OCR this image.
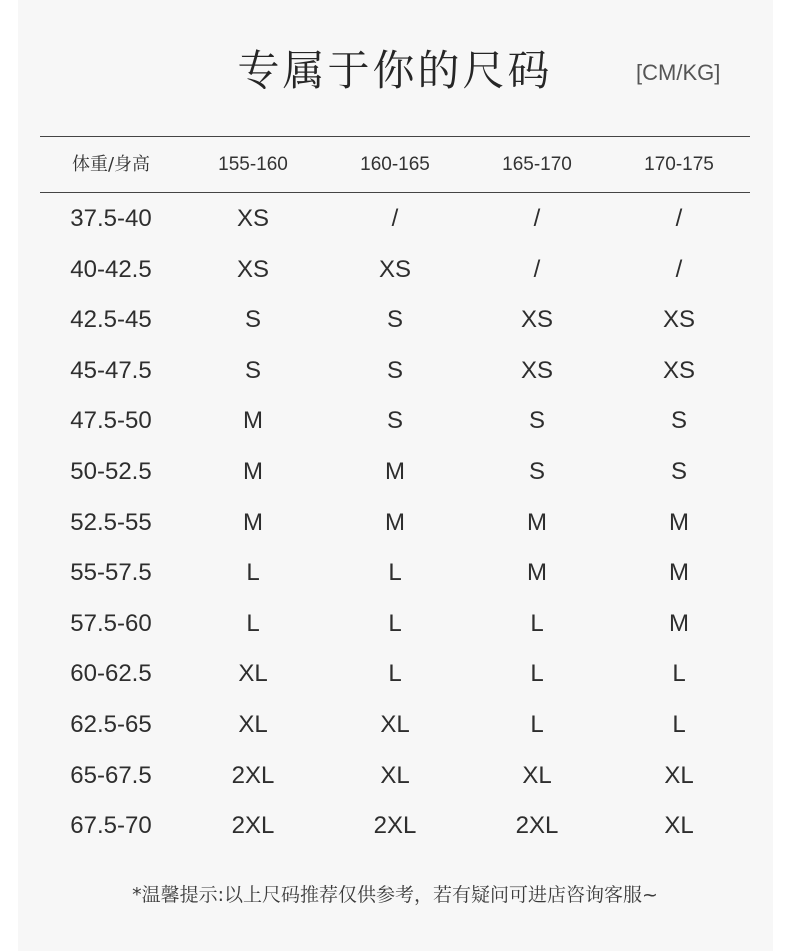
专属于你的尺码	[CM/KG]
体重/身高	155-160	160-165	165-170	170-175
37.5-40	XS	/	/	/
40-42.5	XS	XS	/	/
42.5-45	S	S	XS	XS
45-47.5	S	S	XS	XS
47.5-50	M	S	S	S
50-52.5	M	M	S	S
52.5-55	M	M	M	M
55-57.5	L	L	M	M
57.5-60	L	L	L	M
60-62.5	XL	L	L	L
62.5-65	XL	XL	L	L
65-67.5	2XL	XL	XL	XL
67.5-70	2XL	2XL	2XL	XL
*温馨提示:以上尺码推荐仅供参考，若有疑问可进店咨询客服~
